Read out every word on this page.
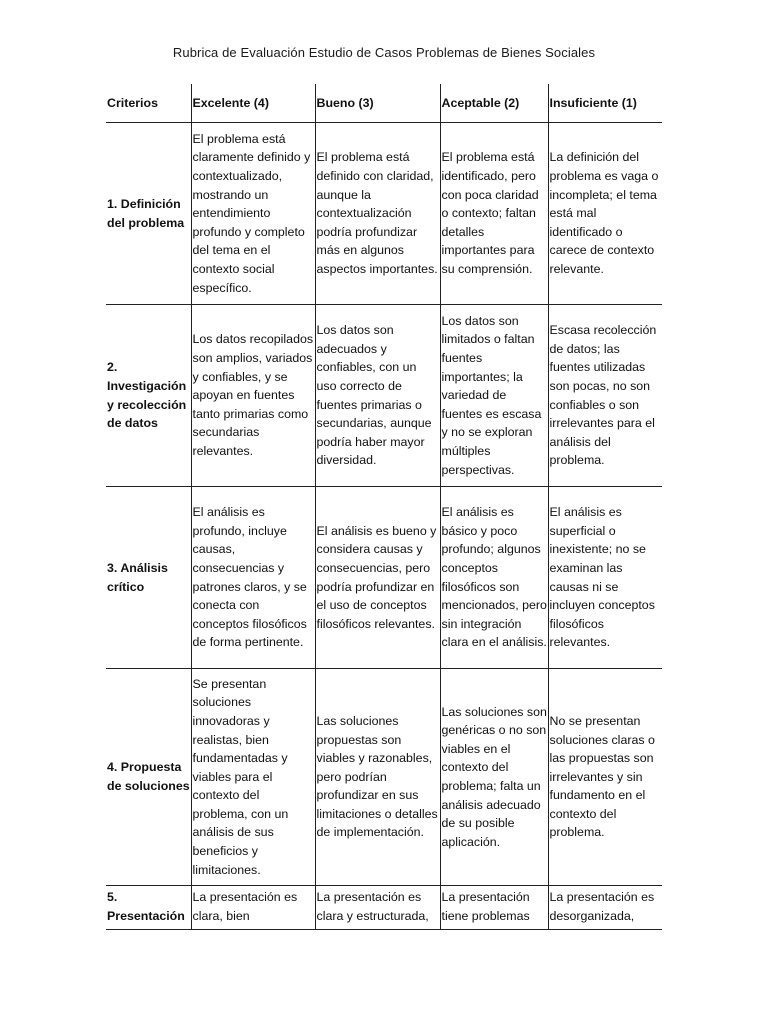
Rubrica de Evaluación Estudio de Casos Problemas de Bienes Sociales
Criterios	Excelente (4)	Bueno (3)	Aceptable (2)	Insuficiente (1)
1. Definición del problema	El problema está claramente definido y contextualizado, mostrando un entendimiento profundo y completo del tema en el contexto social específico.	El problema está definido con claridad, aunque la contextualización podría profundizar más en algunos aspectos importantes.	El problema está identificado, pero con poca claridad o contexto; faltan detalles importantes para su comprensión.	La definición del problema es vaga o incompleta; el tema está mal identificado o carece de contexto relevante.
2. Investigación y recolección de datos	Los datos recopilados son amplios, variados y confiables, y se apoyan en fuentes tanto primarias como secundarias relevantes.	Los datos son adecuados y confiables, con un uso correcto de fuentes primarias o secundarias, aunque podría haber mayor diversidad.	Los datos son limitados o faltan fuentes importantes; la variedad de fuentes es escasa y no se exploran múltiples perspectivas.	Escasa recolección de datos; las fuentes utilizadas son pocas, no son confiables o son irrelevantes para el análisis del problema.
3. Análisis crítico	El análisis es profundo, incluye causas, consecuencias y patrones claros, y se conecta con conceptos filosóficos de forma pertinente.	El análisis es bueno y considera causas y consecuencias, pero podría profundizar en el uso de conceptos filosóficos relevantes.	El análisis es básico y poco profundo; algunos conceptos filosóficos son mencionados, pero sin integración clara en el análisis.	El análisis es superficial o inexistente; no se examinan las causas ni se incluyen conceptos filosóficos relevantes.
4. Propuesta de soluciones	Se presentan soluciones innovadoras y realistas, bien fundamentadas y viables para el contexto del problema, con un análisis de sus beneficios y limitaciones.	Las soluciones propuestas son viables y razonables, pero podrían profundizar en sus limitaciones o detalles de implementación.	Las soluciones son genéricas o no son viables en el contexto del problema; falta un análisis adecuado de su posible aplicación.	No se presentan soluciones claras o las propuestas son irrelevantes y sin fundamento en el contexto del problema.
5. Presentación	La presentación es clara, bien	La presentación es clara y estructurada,	La presentación tiene problemas	La presentación es desorganizada,
